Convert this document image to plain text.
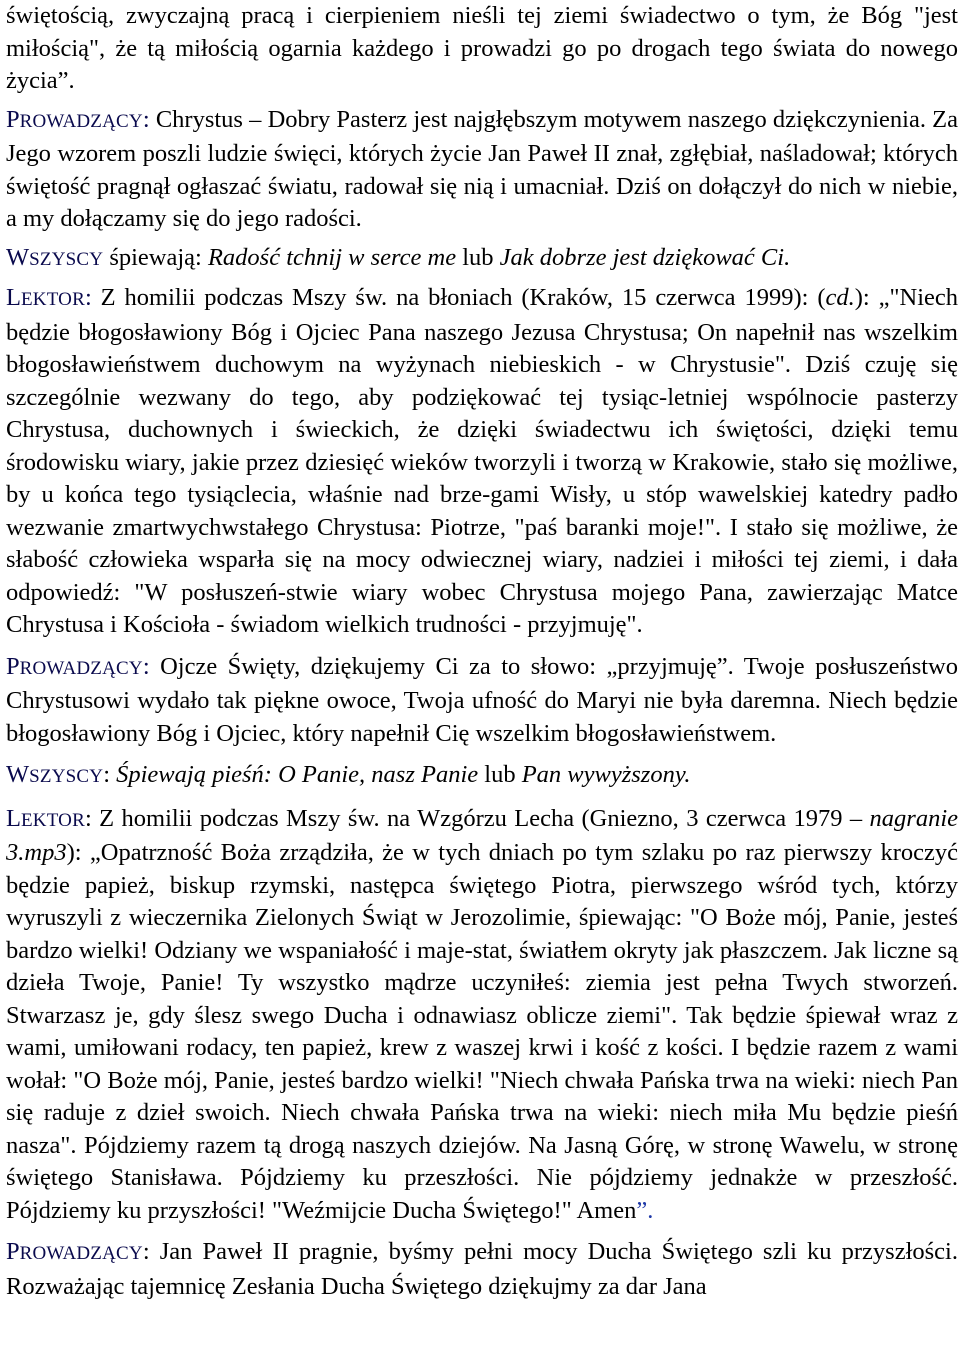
świętością, zwyczajną pracą i cierpieniem nieśli tej ziemi świadectwo o tym, że Bóg "jest miłością", że tą miłością ogarnia każdego i prowadzi go po drogach tego świata do nowego życia”.

PROWADZĄCY: Chrystus – Dobry Pasterz jest najgłębszym motywem naszego dziękczynienia. Za Jego wzorem poszli ludzie święci, których życie Jan Paweł II znał, zgłębiał, naśladował; których świętość pragnął ogłaszać światu, radował się nią i umacniał. Dziś on dołączył do nich w niebie, a my dołączamy się do jego radości.

WSZYSCY śpiewają: Radość tchnij w serce me lub Jak dobrze jest dziękować Ci.

LEKTOR: Z homilii podczas Mszy św. na błoniach (Kraków, 15 czerwca 1999): (cd.): „"Niech będzie błogosławiony Bóg i Ojciec Pana naszego Jezusa Chrystusa; On napełnił nas wszelkim błogosławieństwem duchowym na wyżynach niebieskich - w Chrystusie". Dziś czuję się szczególnie wezwany do tego, aby podziękować tej tysiąc-letniej wspólnocie pasterzy Chrystusa, duchownych i świeckich, że dzięki świadectwu ich świętości, dzięki temu środowisku wiary, jakie przez dziesięć wieków tworzyli i tworzą w Krakowie, stało się możliwe, by u końca tego tysiąclecia, właśnie nad brze-gami Wisły, u stóp wawelskiej katedry padło wezwanie zmartwychwstałego Chrystusa: Piotrze, "paś baranki moje!". I stało się możliwe, że słabość człowieka wsparła się na mocy odwiecznej wiary, nadziei i miłości tej ziemi, i dała odpowiedź: "W posłuszeń-stwie wiary wobec Chrystusa mojego Pana, zawierzając Matce Chrystusa i Kościoła - świadom wielkich trudności - przyjmuję".

PROWADZĄCY: Ojcze Święty, dziękujemy Ci za to słowo: „przyjmuję”. Twoje posłuszeństwo Chrystusowi wydało tak piękne owoce, Twoja ufność do Maryi nie była daremna. Niech będzie błogosławiony Bóg i Ojciec, który napełnił Cię wszelkim błogosławieństwem.

WSZYSCY: Śpiewają pieśń: O Panie, nasz Panie lub Pan wywyższony.

LEKTOR: Z homilii podczas Mszy św. na Wzgórzu Lecha (Gniezno, 3 czerwca 1979 – nagranie 3.mp3): „Opatrzność Boża zrządziła, że w tych dniach po tym szlaku po raz pierwszy kroczyć będzie papież, biskup rzymski, następca świętego Piotra, pierwszego wśród tych, którzy wyruszyli z wieczernika Zielonych Świąt w Jerozolimie, śpiewając: "O Boże mój, Panie, jesteś bardzo wielki! Odziany we wspaniałość i maje-stat, światłem okryty jak płaszczem. Jak liczne są dzieła Twoje, Panie! Ty wszystko mądrze uczyniłeś: ziemia jest pełna Twych stworzeń. Stwarzasz je, gdy ślesz swego Ducha i odnawiasz oblicze ziemi". Tak będzie śpiewał wraz z wami, umiłowani rodacy, ten papież, krew z waszej krwi i kość z kości. I będzie razem z wami wołał: "O Boże mój, Panie, jesteś bardzo wielki! "Niech chwała Pańska trwa na wieki: niech Pan się raduje z dzieł swoich. Niech chwała Pańska trwa na wieki: niech miła Mu będzie pieśń nasza". Pójdziemy razem tą drogą naszych dziejów. Na Jasną Górę, w stronę Wawelu, w stronę świętego Stanisława. Pójdziemy ku przeszłości. Nie pójdziemy jednakże w przeszłość. Pójdziemy ku przyszłości! "Weźmijcie Ducha Świętego!" Amen”.

PROWADZĄCY: Jan Paweł II pragnie, byśmy pełni mocy Ducha Świętego szli ku przyszłości. Rozważając tajemnicę Zesłania Ducha Świętego dziękujmy za dar Jana
